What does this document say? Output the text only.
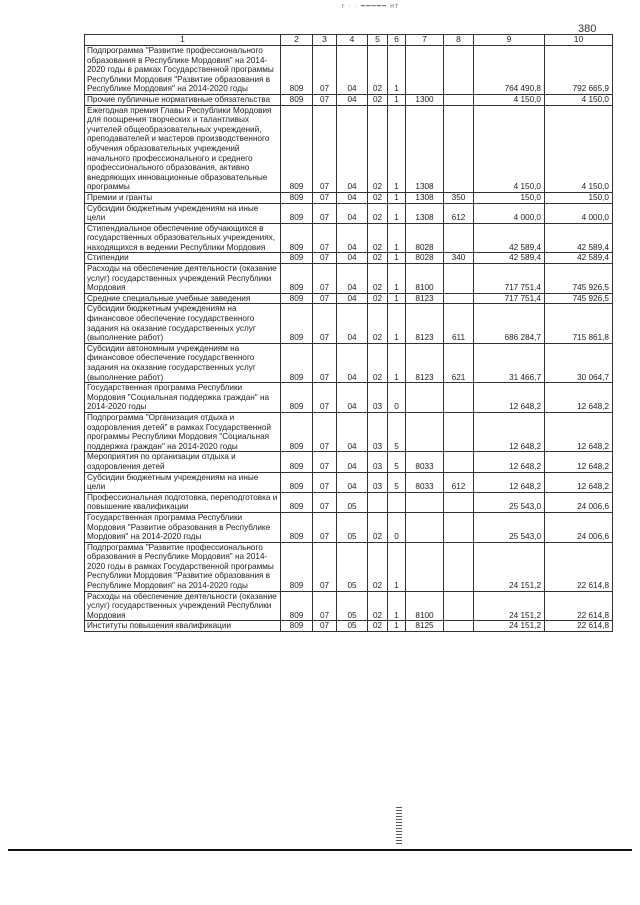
г · · ━━━━━ нт
380
1	2	3	4	5	6	7	8	9	10
Подпрограмма "Развитие профессионального образования в Республике Мордовия" на 2014-2020 годы в рамках Государственной программы Республики Мордовия "Развитие образования в Республике Мордовия" на 2014-2020 годы	809	07	04	02	1			764 490,8	792 665,9
Прочие публичные нормативные обязательства	809	07	04	02	1	1300		4 150,0	4 150,0
Ежегодная премия Главы Республики Мордовия для поощрения творческих и талантливых учителей общеобразовательных учреждений, преподавателей и мастеров производственного обучения образовательных учреждений начального профессионального и среднего профессионального образования, активно внедряющих инновационные образовательные программы	809	07	04	02	1	1308		4 150,0	4 150,0
Премии и гранты	809	07	04	02	1	1308	350	150,0	150,0
Субсидии бюджетным учреждениям на иные цели	809	07	04	02	1	1308	612	4 000,0	4 000,0
Стипендиальное обеспечение обучающихся в государственных образовательных учреждениях, находящихся в ведении Республики Мордовия	809	07	04	02	1	8028		42 589,4	42 589,4
Стипендии	809	07	04	02	1	8028	340	42 589,4	42 589,4
Расходы на обеспечение деятельности (оказание услуг) государственных учреждений Республики Мордовия	809	07	04	02	1	8100		717 751,4	745 926,5
Средние специальные учебные заведения	809	07	04	02	1	8123		717 751,4	745 926,5
Субсидии бюджетным учреждениям на финансовое обеспечение государственного задания на оказание государственных услуг (выполнение работ)	809	07	04	02	1	8123	611	686 284,7	715 861,8
Субсидии автономным учреждениям на финансовое обеспечение государственного задания на оказание государственных услуг (выполнение работ)	809	07	04	02	1	8123	621	31 466,7	30 064,7
Государственная программа Республики Мордовия "Социальная поддержка граждан" на 2014-2020 годы	809	07	04	03	0			12 648,2	12 648,2
Подпрограмма "Организация отдыха и оздоровления детей" в рамках Государственной программы Республики Мордовия "Социальная поддержка граждан" на 2014-2020 годы	809	07	04	03	5			12 648,2	12 648,2
Мероприятия по организации отдыха и оздоровления детей	809	07	04	03	5	8033		12 648,2	12 648,2
Субсидии бюджетным учреждениям на иные цели	809	07	04	03	5	8033	612	12 648,2	12 648,2
Профессиональная подготовка, переподготовка и повышение квалификации	809	07	05					25 543,0	24 006,6
Государственная программа Республики Мордовия "Развитие образования в Республике Мордовия" на 2014-2020 годы	809	07	05	02	0			25 543,0	24 006,6
Подпрограмма "Развитие профессионального образования в Республике Мордовия" на 2014-2020 годы в рамках Государственной программы Республики Мордовия "Развитие образования в Республике Мордовия" на 2014-2020 годы	809	07	05	02	1			24 151,2	22 614,8
Расходы на обеспечение деятельности (оказание услуг) государственных учреждений Республики Мордовия	809	07	05	02	1	8100		24 151,2	22 614,8
Институты повышения квалификации	809	07	05	02	1	8125		24 151,2	22 614,8
